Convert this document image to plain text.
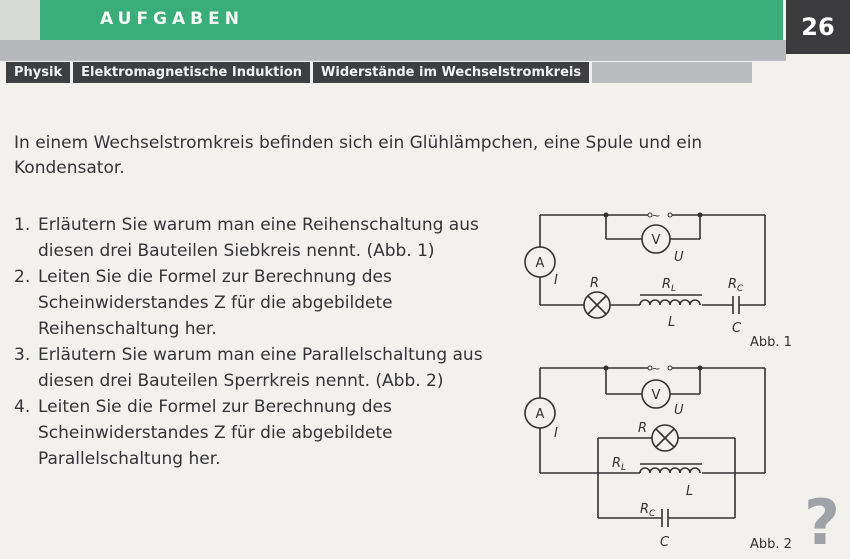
AUFGABEN	26
Physik	Elektromagnetische Induktion	Widerstände im Wechselstromkreis

In einem Wechselstromkreis befinden sich ein Glühlämpchen, eine Spule und ein Kondensator.

1. Erläutern Sie warum man eine Reihenschaltung aus diesen drei Bauteilen Siebkreis nennt. (Abb. 1)
2. Leiten Sie die Formel zur Berechnung des Scheinwiderstandes Z für die abgebildete Reihenschaltung her.
3. Erläutern Sie warum man eine Parallelschaltung aus diesen drei Bauteilen Sperrkreis nennt. (Abb. 2)
4. Leiten Sie die Formel zur Berechnung des Scheinwiderstandes Z für die abgebildete Parallelschaltung her.
~
V
U
A
I R	$R_L$
L
$R_C$
C
Abb. 1
~
V
U
A
I	R
$R_L$
L
$R_C$
C	Abb. 2 ?
